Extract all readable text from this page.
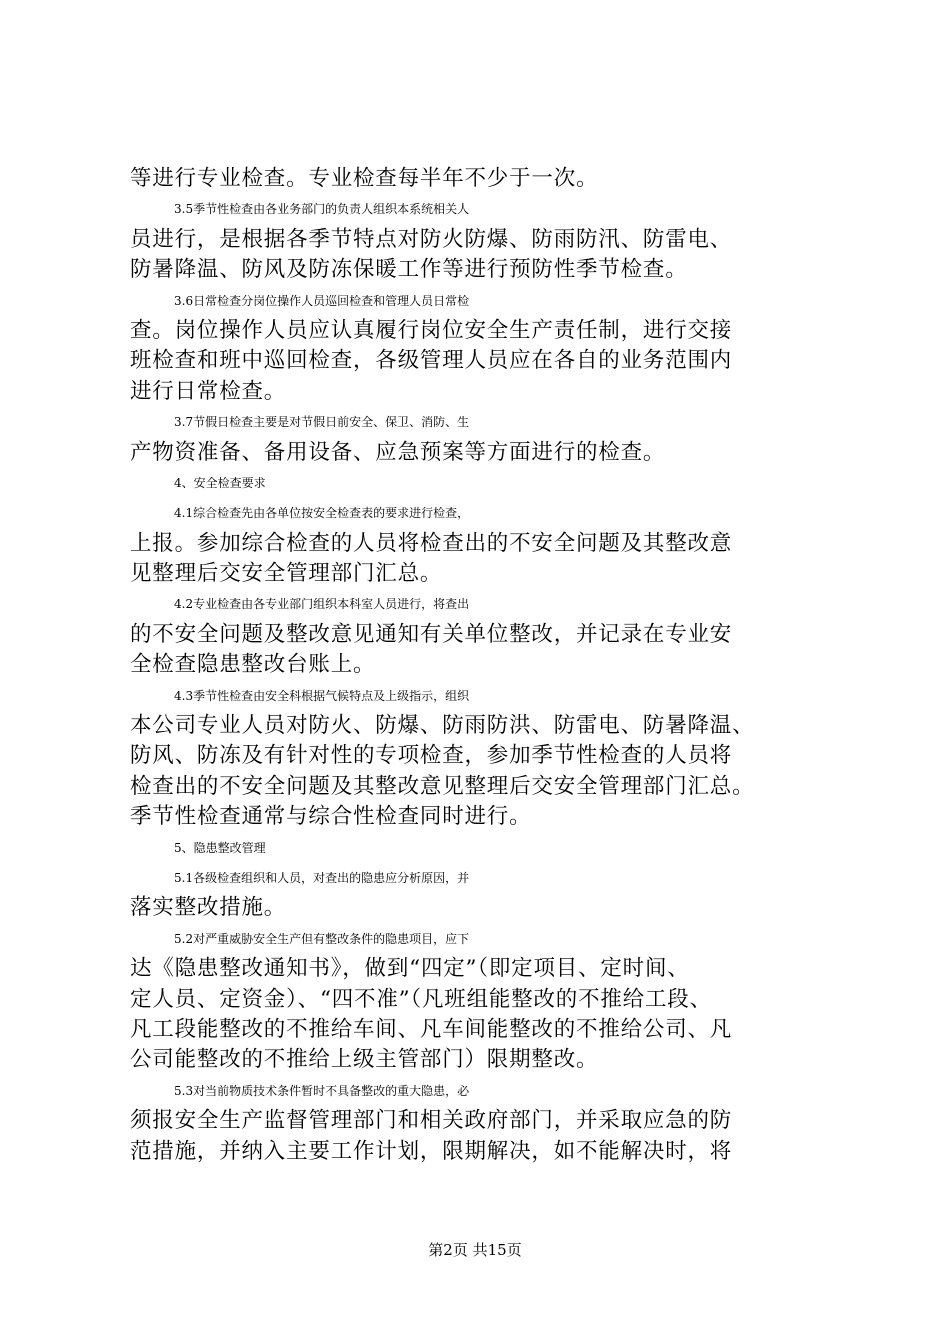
等进行专业检查。专业检查每半年不少于一次。
3.5季节性检查由各业务部门的负责人组织本系统相关人
员进行，是根据各季节特点对防火防爆、防雨防汛、防雷电、
防暑降温、防风及防冻保暖工作等进行预防性季节检查。
3.6日常检查分岗位操作人员巡回检查和管理人员日常检
查。岗位操作人员应认真履行岗位安全生产责任制，进行交接
班检查和班中巡回检查，各级管理人员应在各自的业务范围内
进行日常检查。
3.7节假日检查主要是对节假日前安全、保卫、消防、生
产物资准备、备用设备、应急预案等方面进行的检查。
4、安全检查要求
4.1综合检查先由各单位按安全检查表的要求进行检查，
上报。参加综合检查的人员将检查出的不安全问题及其整改意
见整理后交安全管理部门汇总。
4.2专业检查由各专业部门组织本科室人员进行，将查出
的不安全问题及整改意见通知有关单位整改，并记录在专业安
全检查隐患整改台账上。
4.3季节性检查由安全科根据气候特点及上级指示，组织
本公司专业人员对防火、防爆、防雨防洪、防雷电、防暑降温、
防风、防冻及有针对性的专项检查，参加季节性检查的人员将
检查出的不安全问题及其整改意见整理后交安全管理部门汇总。
季节性检查通常与综合性检查同时进行。
5、隐患整改管理
5.1各级检查组织和人员，对查出的隐患应分析原因，并
落实整改措施。
5.2对严重威胁安全生产但有整改条件的隐患项目，应下
达《隐患整改通知书》，做到“四定”（即定项目、定时间、
定人员、定资金）、“四不准”（凡班组能整改的不推给工段、
凡工段能整改的不推给车间、凡车间能整改的不推给公司、凡
公司能整改的不推给上级主管部门）限期整改。
5.3对当前物质技术条件暂时不具备整改的重大隐患，必
须报安全生产监督管理部门和相关政府部门，并采取应急的防
范措施，并纳入主要工作计划，限期解决，如不能解决时，将
第2页 共15页
